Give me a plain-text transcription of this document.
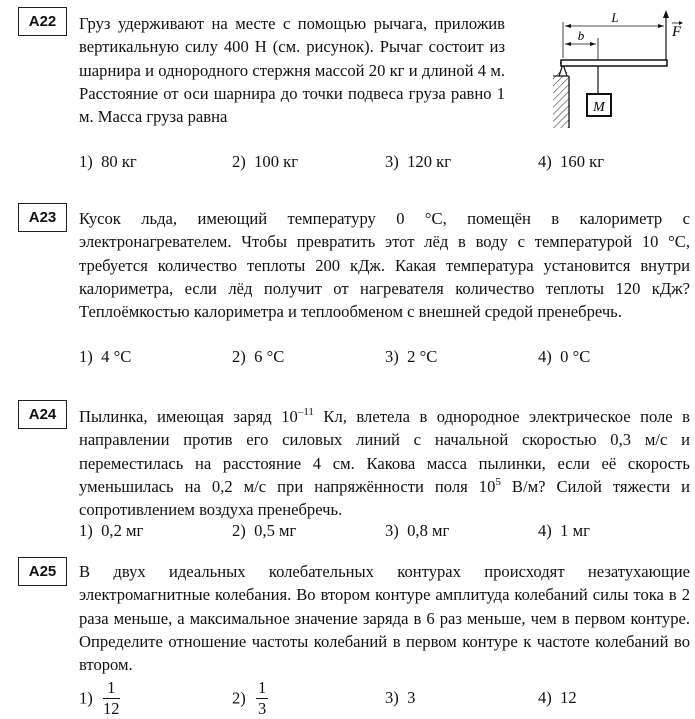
A22	Груз удерживают на месте с помощью рычага, приложив вертикальную силу 400 Н (см. рисунок). Рычаг состоит из шарнира и однородного стержня массой 20 кг и длиной 4 м. Расстояние от оси шарнира до точки подвеса груза равно 1 м. Масса груза равна	M
L
b	F
1) 80 кг	2) 100 кг	3) 120 кг	4) 160 кг
A23	Кусок льда, имеющий температуру 0 °С, помещён в калориметр с электронагревателем. Чтобы превратить этот лёд в воду с температурой 10 °С, требуется количество теплоты 200 кДж. Какая температура установится внутри калориметра, если лёд получит от нагревателя количество теплоты 120 кДж? Теплоёмкостью калориметра и теплообменом с внешней средой пренебречь.
1) 4 °С	2) 6 °С	3) 2 °С	4) 0 °С
A24	Пылинка, имеющая заряд $10^{-11}$ Кл, влетела в однородное электрическое поле в направлении против его силовых линий с начальной скоростью 0,3 м/с и переместилась на расстояние 4 см. Какова масса пылинки, если её скорость уменьшилась на 0,2 м/с при напряжённости поля $10^5$ В/м? Силой тяжести и сопротивлением воздуха пренебречь.
1) 0,2 мг	2) 0,5 мг	3) 0,8 мг	4) 1 мг
A25	В двух идеальных колебательных контурах происходят незатухающие электромагнитные колебания. Во втором контуре амплитуда колебаний силы тока в 2 раза меньше, а максимальное значение заряда в 6 раз меньше, чем в первом контуре. Определите отношение частоты колебаний в первом контуре к частоте колебаний во втором.
$1) \frac{1}{12}$	$2) \frac{1}{3}$	3) 3	4) 12
